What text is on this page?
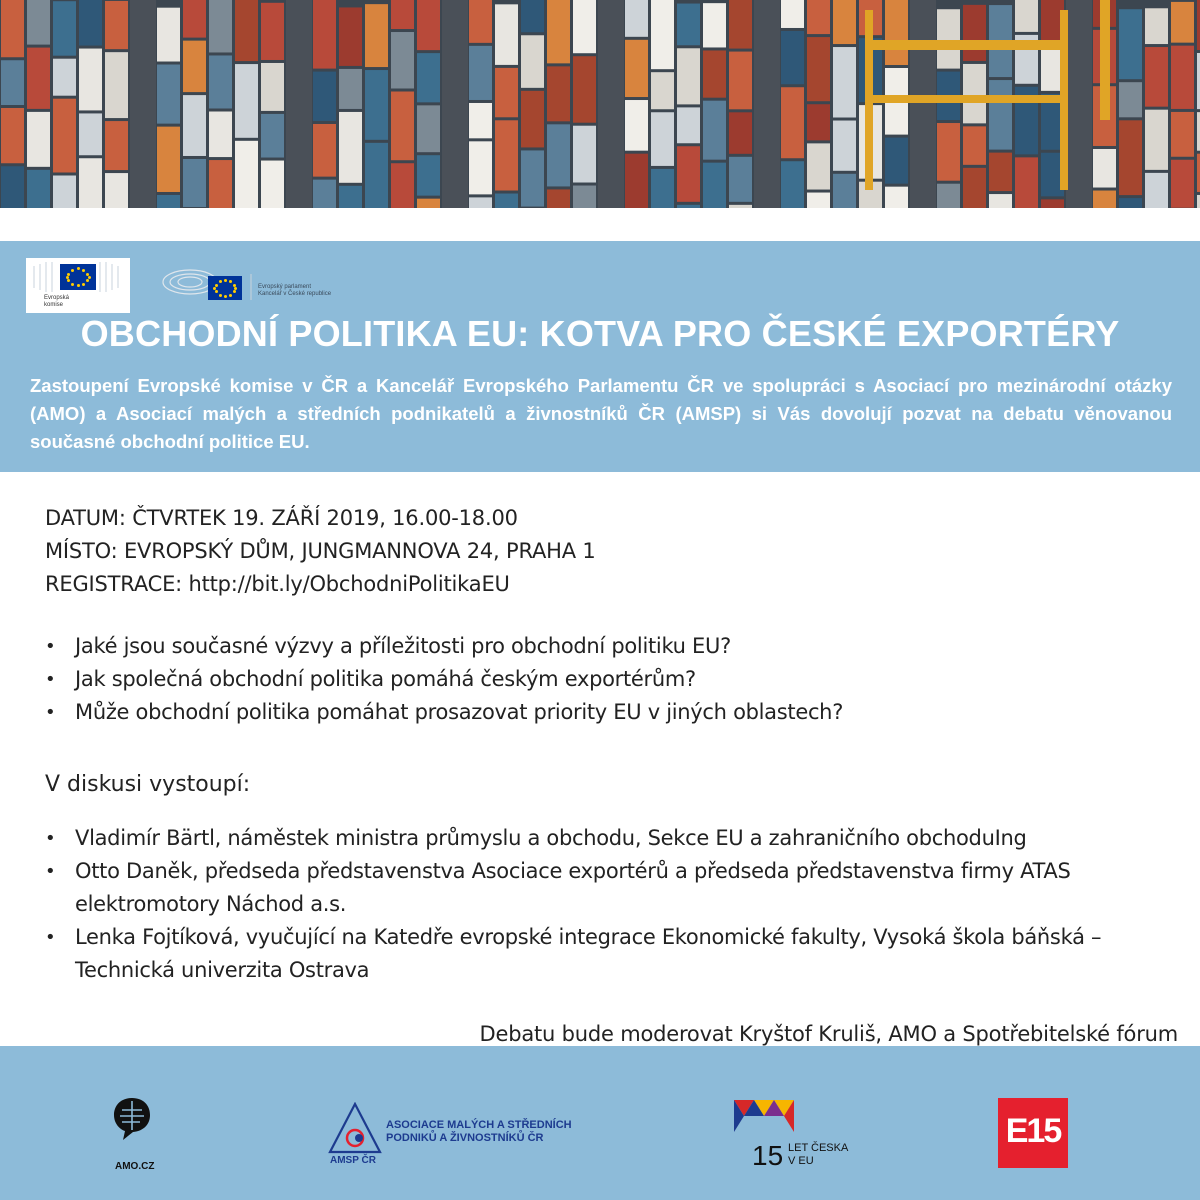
Evropská
komise
Evropský parlament
Kancelář v České republice
OBCHODNÍ POLITIKA EU: KOTVA PRO ČESKÉ EXPORTÉRY
Zastoupení Evropské komise v ČR a Kancelář Evropského Parlamentu ČR ve spolupráci s Asociací pro mezinárodní otázky (AMO) a Asociací malých a středních podnikatelů a živnostníků ČR (AMSP) si Vás dovolují pozvat na debatu věnovanou současné obchodní politice EU.
DATUM: ČTVRTEK 19. ZÁŘÍ 2019, 16.00-18.00
MÍSTO: EVROPSKÝ DŮM, JUNGMANNOVA 24, PRAHA 1
REGISTRACE: http://bit.ly/ObchodniPolitikaEU
• Jaké jsou současné výzvy a příležitosti pro obchodní politiku EU?
• Jak společná obchodní politika pomáhá českým exportérům?
• Může obchodní politika pomáhat prosazovat priority EU v jiných oblastech?
V diskusi vystoupí:
• Vladimír Bärtl, náměstek ministra průmyslu a obchodu, Sekce EU a zahraničního obchoduIng
• Otto Daněk, předseda představenstva Asociace exportérů a předseda představenstva firmy ATAS elektromotory Náchod a.s.
• Lenka Fojtíková, vyučující na Katedře evropské integrace Ekonomické fakulty, Vysoká škola báňská – Technická univerzita Ostrava
Debatu bude moderovat Kryštof Kruliš, AMO a Spotřebitelské fórum
AMO.CZ
ASOCIACE MALÝCH A STŘEDNÍCH
PODNIKŮ A ŽIVNOSTNÍKŮ ČR
AMSP ČR	15 LET ČESKA
V EU
E15
